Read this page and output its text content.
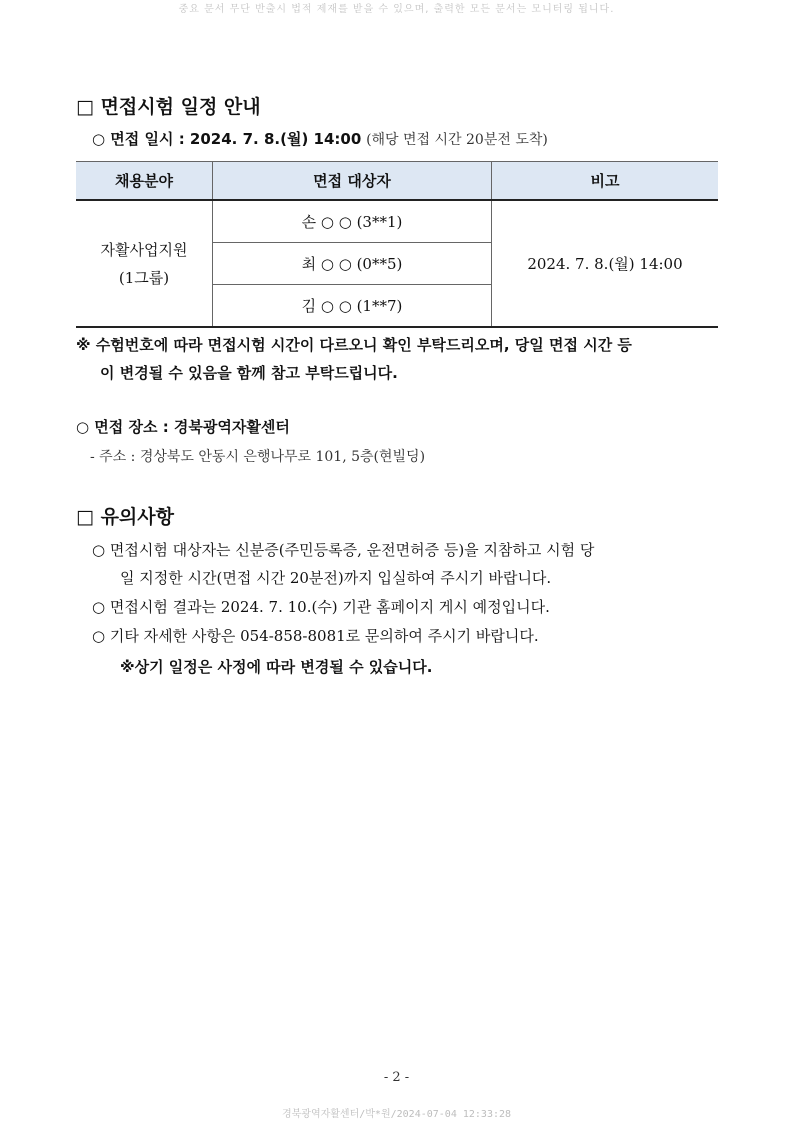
중요 문서 무단 반출시 법적 제재를 받을 수 있으며, 출력한 모든 문서는 모니터링 됩니다.
□ 면접시험 일정 안내
○ 면접 일시 : 2024. 7. 8.(월) 14:00 (해당 면접 시간 20분전 도착)
채용분야	면접 대상자	비고

자활사업지원
(1그룹)	손 ○ ○ (3**1)	2024. 7. 8.(월) 14:00
	최 ○ ○ (0**5)	
	김 ○ ○ (1**7)	
※ 수험번호에 따라 면접시험 시간이 다르오니 확인 부탁드리오며, 당일 면접 시간 등
이 변경될 수 있음을 함께 참고 부탁드립니다.
○ 면접 장소 : 경북광역자활센터
- 주소 : 경상북도 안동시 은행나무로 101, 5층(현빌딩)
□ 유의사항
○ 면접시험 대상자는 신분증(주민등록증, 운전면허증 등)을 지참하고 시험 당
일 지정한 시간(면접 시간 20분전)까지 입실하여 주시기 바랍니다.
○ 면접시험 결과는 2024. 7. 10.(수) 기관 홈페이지 게시 예정입니다.
○ 기타 자세한 사항은 054-858-8081로 문의하여 주시기 바랍니다.
※상기 일정은 사정에 따라 변경될 수 있습니다.
- 2 -
경북광역자활센터/박*원/2024-07-04 12:33:28
